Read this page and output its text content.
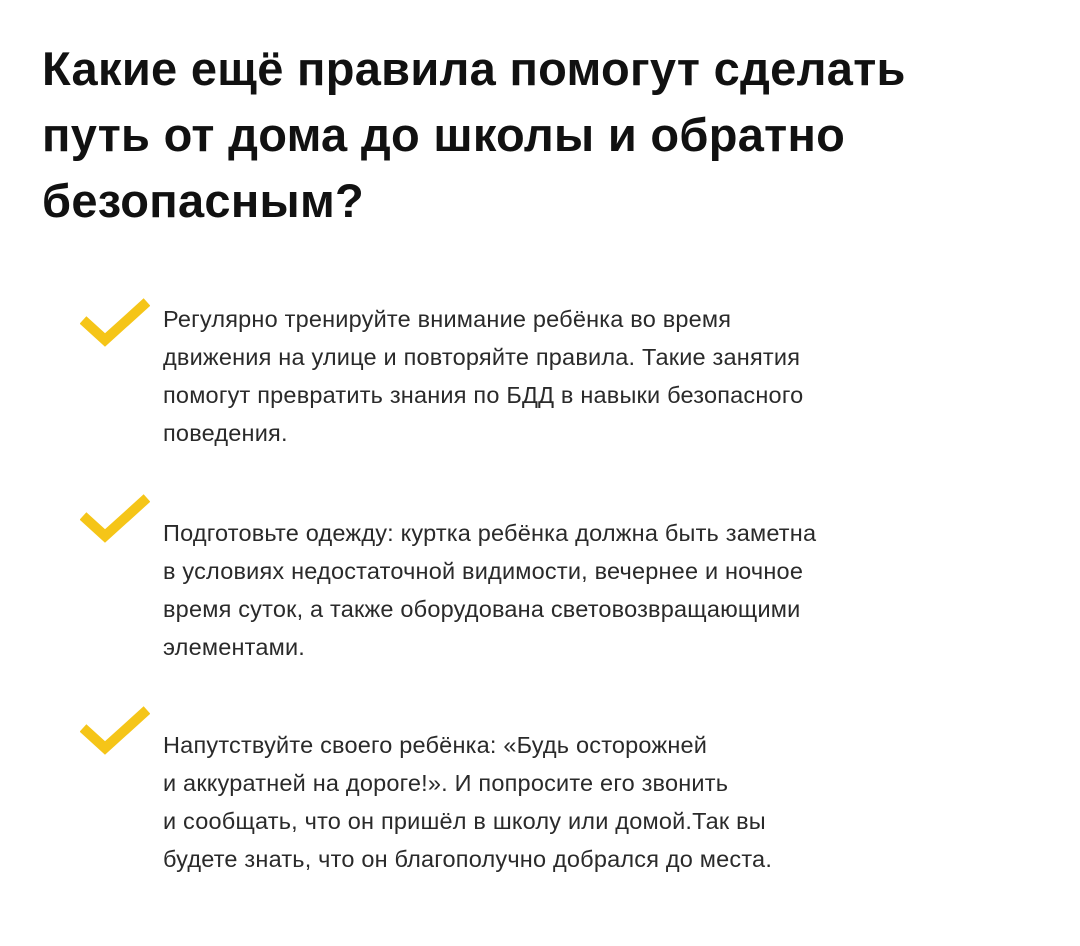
Какие ещё правила помогут сделать
путь от дома до школы и обратно
безопасным?

Регулярно тренируйте внимание ребёнка во время
движения на улице и повторяйте правила. Такие занятия
помогут превратить знания по БДД в навыки безопасного
поведения.

Подготовьте одежду: куртка ребёнка должна быть заметна
в условиях недостаточной видимости, вечернее и ночное
время суток, а также оборудована световозвращающими
элементами.

Напутствуйте своего ребёнка: «Будь осторожней
и аккуратней на дороге!». И попросите его звонить
и сообщать, что он пришёл в школу или домой.Так вы
будете знать, что он благополучно добрался до места.
